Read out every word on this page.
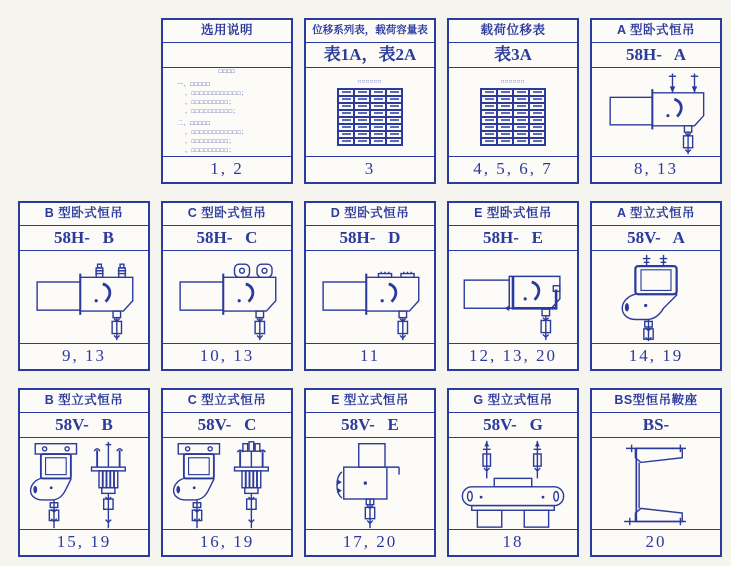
选用说明
□□□□
一、□□□□□
、□□□□□□□□□□□□；
、□□□□□□□□□；
、□□□□□□□□□□；
二、□□□□□
、□□□□□□□□□□□□；
、□□□□□□□□□；
、□□□□□□□□□；
1, 2
位移系列表，载荷容量表
表1A，表2A
□□□□□□
3
载荷位移表
表3A
□□□□□□
4, 5, 6, 7
A 型卧式恒吊
58H-   A
8, 13
B 型卧式恒吊
58H-   B
9, 13
C 型卧式恒吊
58H-   C
10, 13
D 型卧式恒吊
58H-   D
11
E 型卧式恒吊
58H-   E
12, 13, 20
A 型立式恒吊
58V-   A
14, 19
B 型立式恒吊
58V-   B
15, 19
C 型立式恒吊
58V-   C
16, 19
E 型立式恒吊
58V-   E
17, 20
G 型立式恒吊
58V-   G
18
BS型恒吊鞍座
BS-
20
